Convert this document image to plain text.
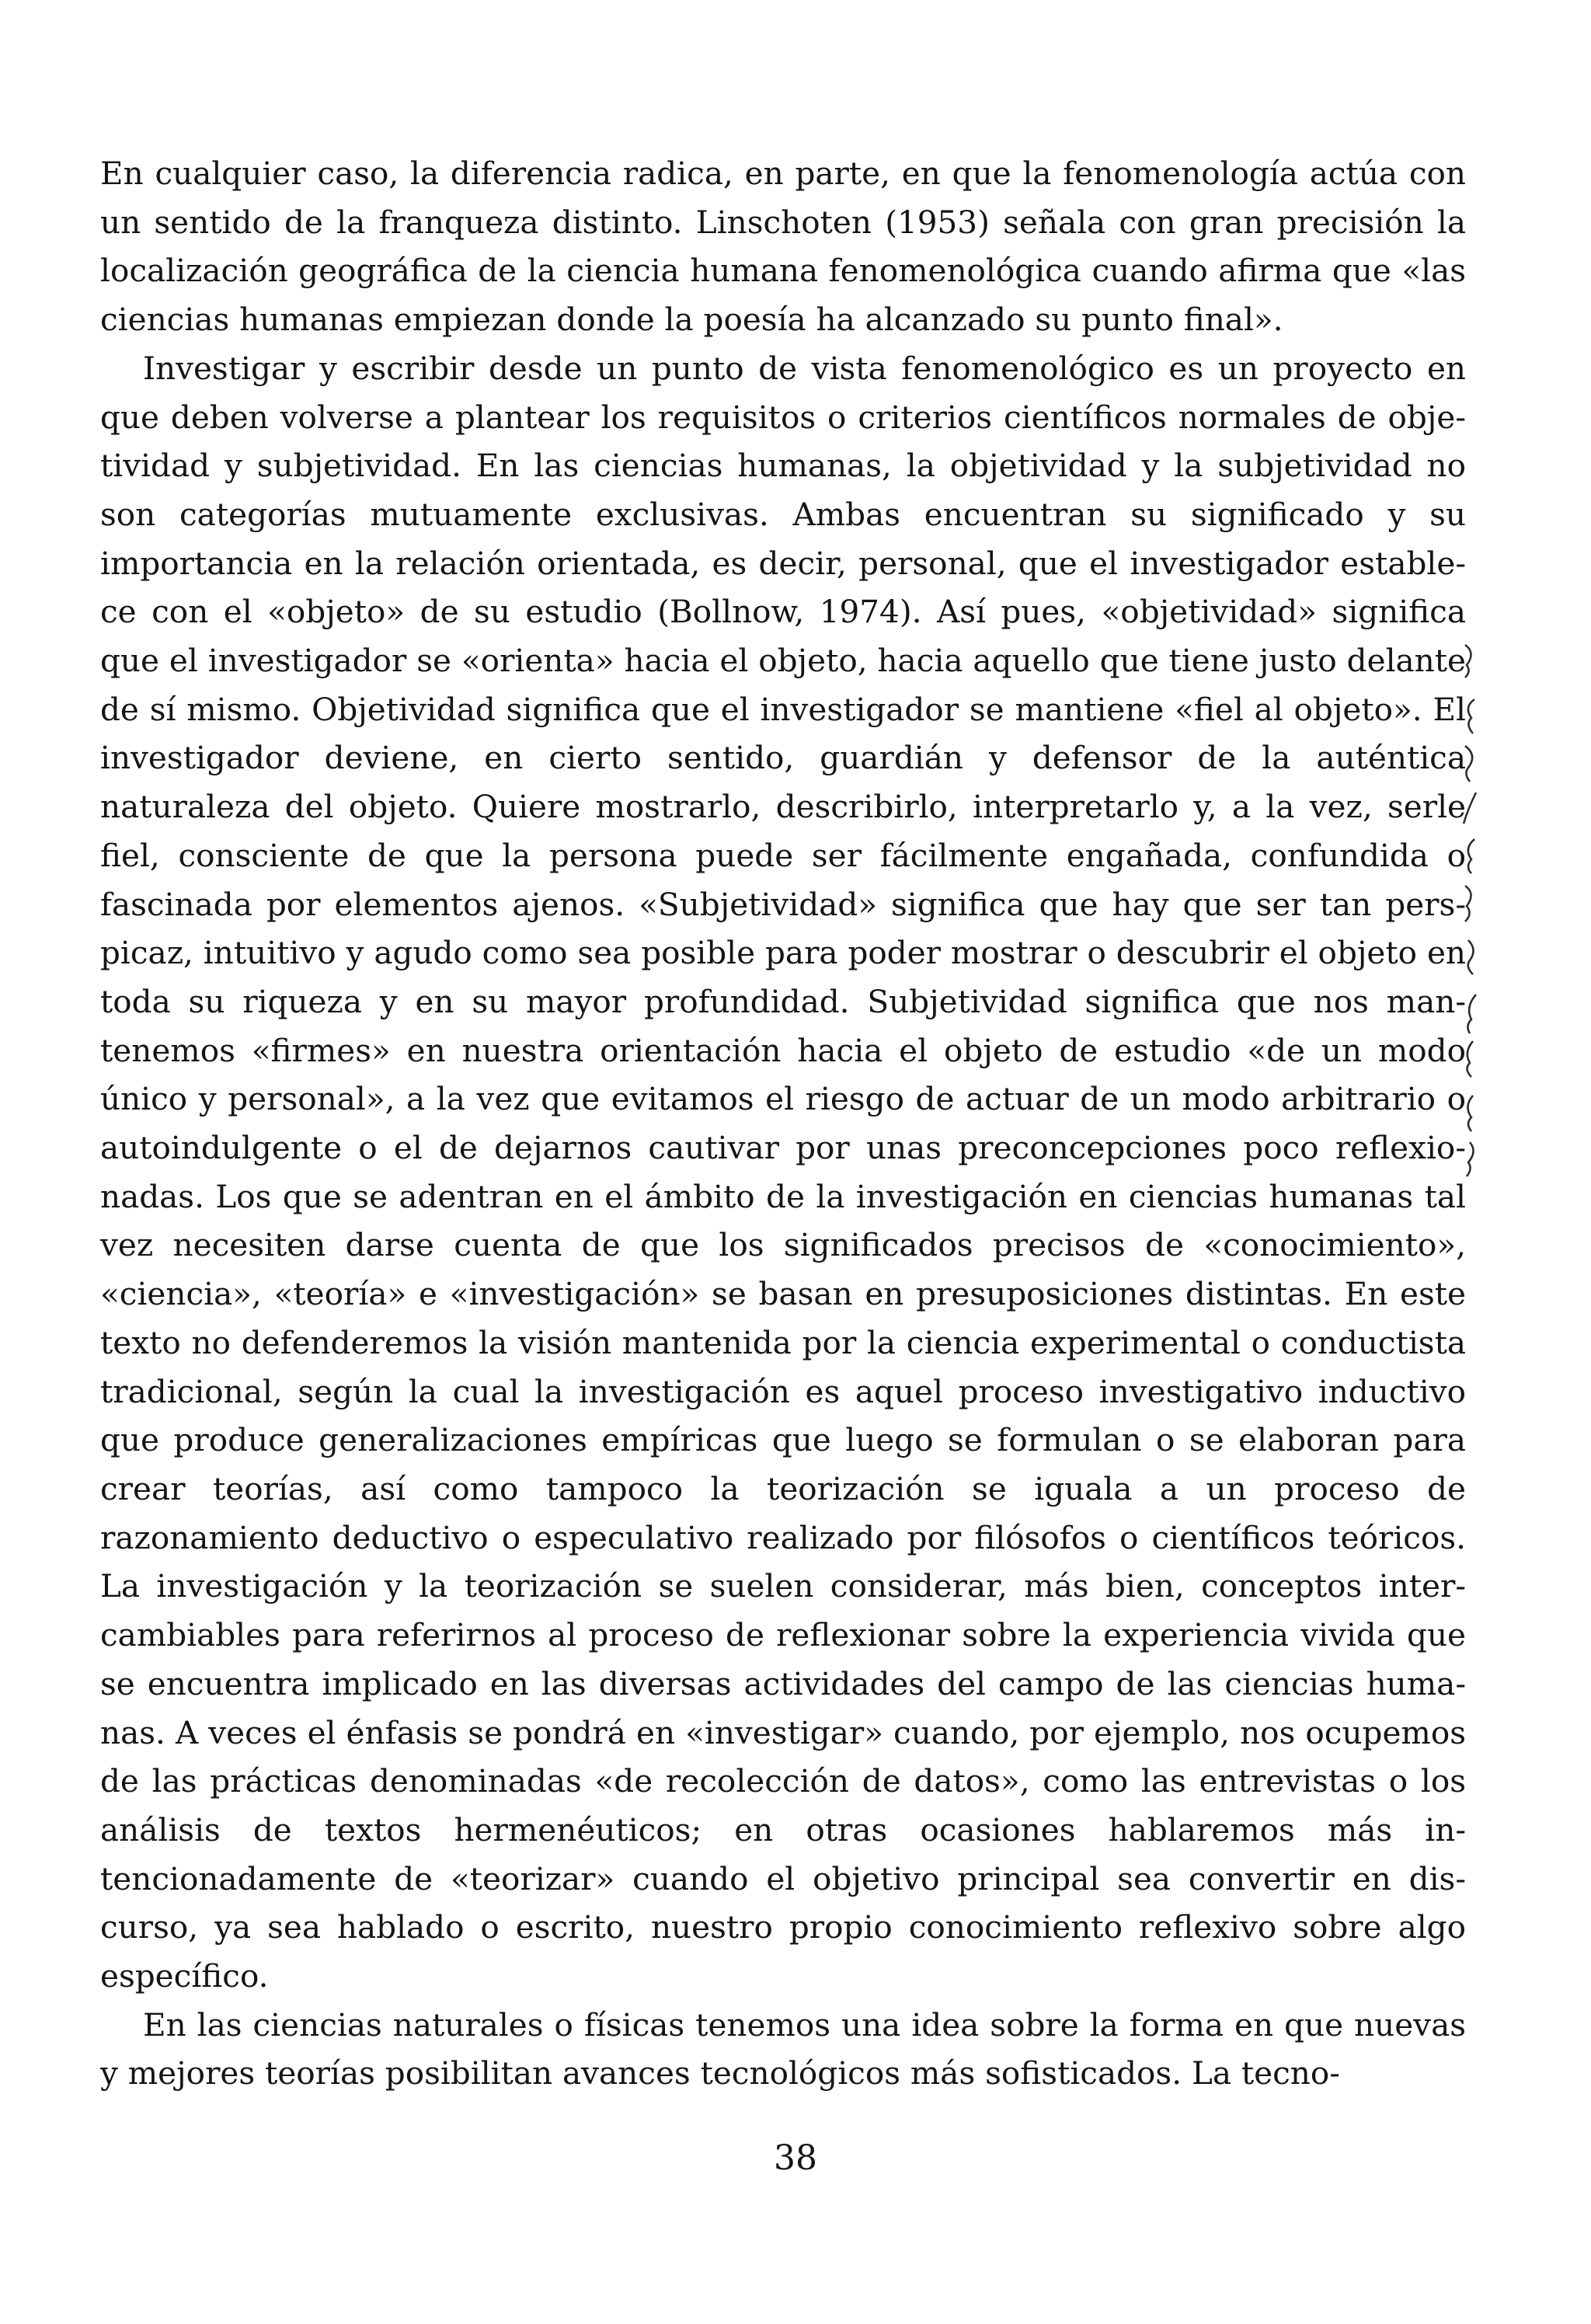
En cualquier caso, la diferencia radica, en parte, en que la fenomenología actúa con un sentido de la franqueza distinto. Linschoten (1953) señala con gran precisión la localización geográfica de la ciencia humana fenomenológica cuando afirma que «las ciencias humanas empiezan donde la poesía ha alcanzado su punto final».

Investigar y escribir desde un punto de vista fenomenológico es un proyecto en que deben volverse a plantear los requisitos o criterios científicos normales de objetividad y subjetividad. En las ciencias humanas, la objetividad y la subjetividad no son categorías mutuamente exclusivas. Ambas encuentran su significado y su importancia en la relación orientada, es decir, personal, que el investigador establece con el «objeto» de su estudio (Bollnow, 1974). Así pues, «objetividad» significa que el investigador se «orienta» hacia el objeto, hacia aquello que tiene justo delante de sí mismo. Objetividad significa que el investigador se mantiene «fiel al objeto». El investigador deviene, en cierto sentido, guardián y defensor de la auténtica naturaleza del objeto. Quiere mostrarlo, describirlo, interpretarlo y, a la vez, serle fiel, consciente de que la persona puede ser fácilmente engañada, confundida o fascinada por elementos ajenos. «Subjetividad» significa que hay que ser tan perspicaz, intuitivo y agudo como sea posible para poder mostrar o descubrir el objeto en toda su riqueza y en su mayor profundidad. Subjetividad significa que nos mantenemos «firmes» en nuestra orientación hacia el objeto de estudio «de un modo único y personal», a la vez que evitamos el riesgo de actuar de un modo arbitrario o autoindulgente o el de dejarnos cautivar por unas preconcepciones poco reflexionadas. Los que se adentran en el ámbito de la investigación en ciencias humanas tal vez necesiten darse cuenta de que los significados precisos de «conocimiento», «ciencia», «teoría» e «investigación» se basan en presuposiciones distintas. En este texto no defenderemos la visión mantenida por la ciencia experimental o conductista tradicional, según la cual la investigación es aquel proceso investigativo inductivo que produce generalizaciones empíricas que luego se formulan o se elaboran para crear teorías, así como tampoco la teorización se iguala a un proceso de razonamiento deductivo o especulativo realizado por filósofos o científicos teóricos. La investigación y la teorización se suelen considerar, más bien, conceptos intercambiables para referirnos al proceso de reflexionar sobre la experiencia vivida que se encuentra implicado en las diversas actividades del campo de las ciencias humanas. A veces el énfasis se pondrá en «investigar» cuando, por ejemplo, nos ocupemos de las prácticas denominadas «de recolección de datos», como las entrevistas o los análisis de textos hermenéuticos; en otras ocasiones hablaremos más intencionadamente de «teorizar» cuando el objetivo principal sea convertir en discurso, ya sea hablado o escrito, nuestro propio conocimiento reflexivo sobre algo específico.

En las ciencias naturales o físicas tenemos una idea sobre la forma en que nuevas y mejores teorías posibilitan avances tecnológicos más sofisticados. La tecno-

38
